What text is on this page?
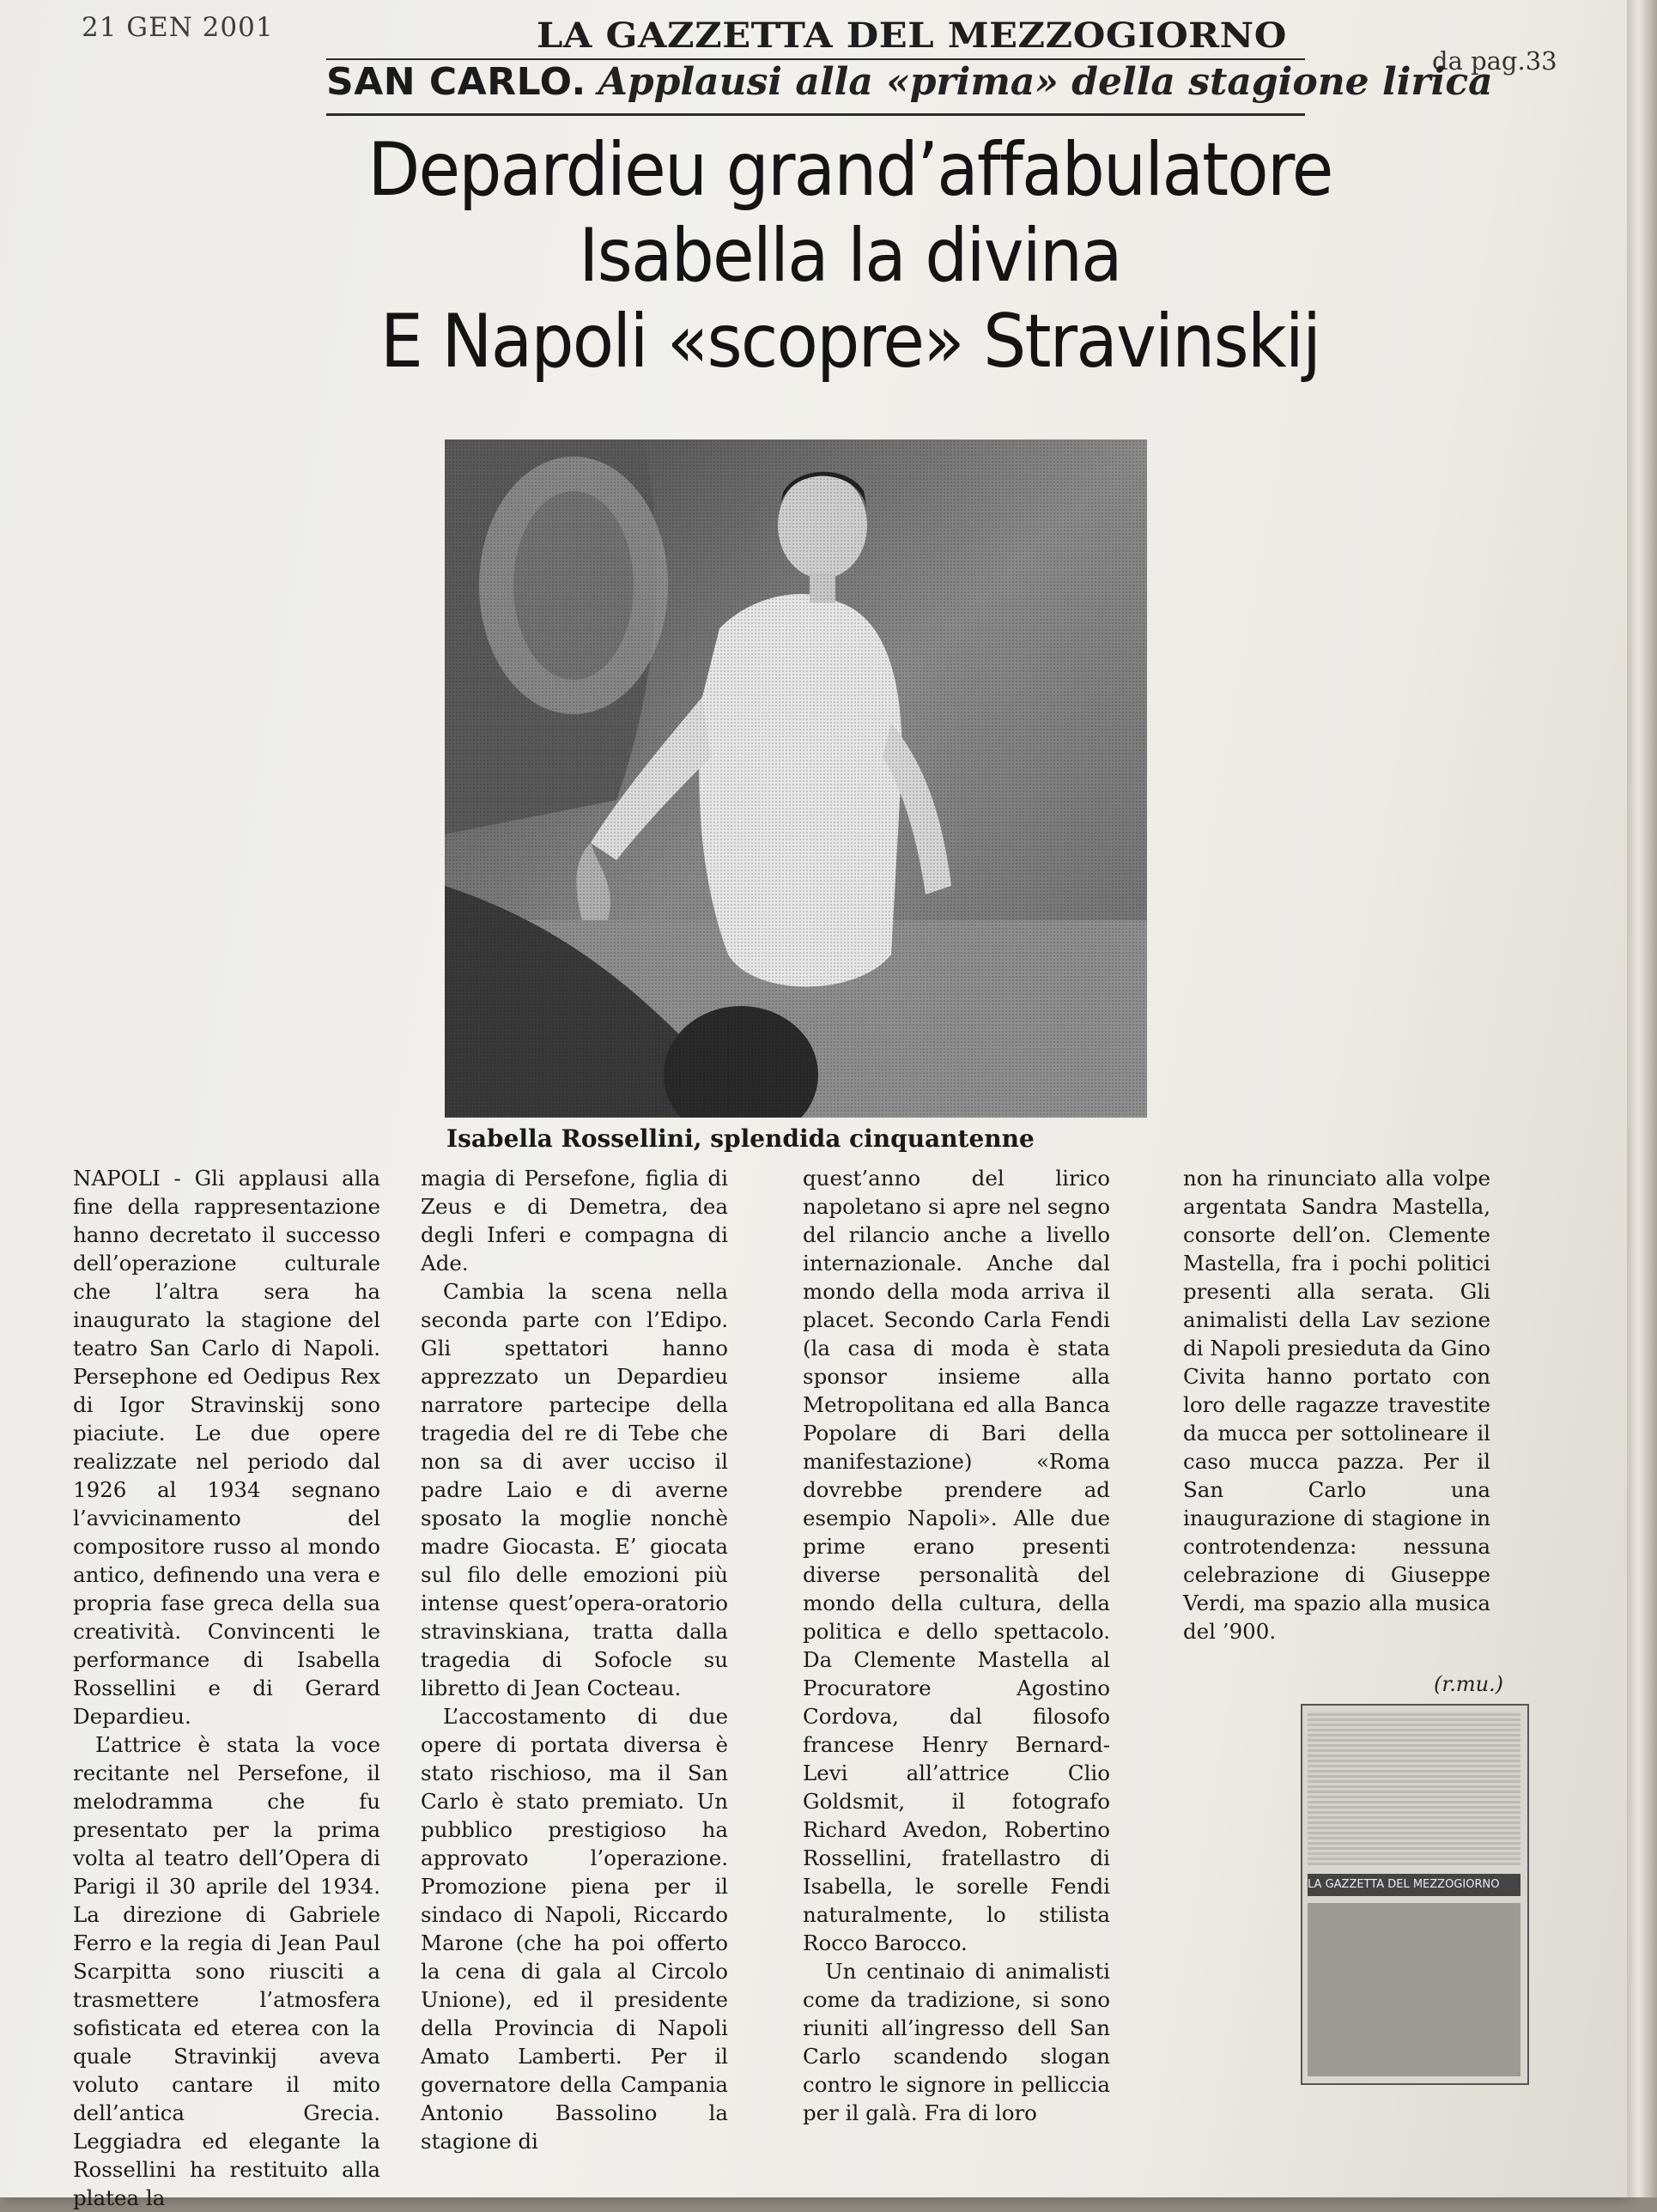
21 GEN 2001	LA GAZZETTA DEL MEZZOGIORNO
da pag.33
SAN CARLO. Applausi alla «prima» della stagione lirica
Depardieu grand’affabulatore
Isabella la divina
E Napoli «scopre» Stravinskij
Isabella Rossellini, splendida cinquantenne

NAPOLI - Gli applausi alla fine della rappresentazione hanno decretato il successo dell’operazione culturale che l’altra sera ha inaugurato la stagione del teatro San Carlo di Napoli. Persephone ed Oedipus Rex di Igor Stravinskij sono piaciute. Le due opere realizzate nel periodo dal 1926 al 1934 segnano l’avvicinamento del compositore russo al mondo antico, definendo una vera e propria fase greca della sua creatività. Convincenti le performance di Isabella Rossellini e di Gerard Depardieu.

L’attrice è stata la voce recitante nel Persefone, il melodramma che fu presentato per la prima volta al teatro dell’Opera di Parigi il 30 aprile del 1934. La direzione di Gabriele Ferro e la regia di Jean Paul Scarpitta sono riusciti a trasmettere l’atmosfera sofisticata ed eterea con la quale Stravinkij aveva voluto cantare il mito dell’antica Grecia. Leggiadra ed elegante la Rossellini ha restituito alla platea la

magia di Persefone, figlia di Zeus e di Demetra, dea degli Inferi e compagna di Ade.

Cambia la scena nella seconda parte con l’Edipo. Gli spettatori hanno apprezzato un Depardieu narratore partecipe della tragedia del re di Tebe che non sa di aver ucciso il padre Laio e di averne sposato la moglie nonchè madre Giocasta. E’ giocata sul filo delle emozioni più intense quest’opera-oratorio stravinskiana, tratta dalla tragedia di Sofocle su libretto di Jean Cocteau.

L’accostamento di due opere di portata diversa è stato rischioso, ma il San Carlo è stato premiato. Un pubblico prestigioso ha approvato l’operazione. Promozione piena per il sindaco di Napoli, Riccardo Marone (che ha poi offerto la cena di gala al Circolo Unione), ed il presidente della Provincia di Napoli Amato Lamberti. Per il governatore della Campania Antonio Bassolino la stagione di

quest’anno del lirico napoletano si apre nel segno del rilancio anche a livello internazionale. Anche dal mondo della moda arriva il placet. Secondo Carla Fendi (la casa di moda è stata sponsor insieme alla Metropolitana ed alla Banca Popolare di Bari della manifestazione) «Roma dovrebbe prendere ad esempio Napoli». Alle due prime erano presenti diverse personalità del mondo della cultura, della politica e dello spettacolo. Da Clemente Mastella al Procuratore Agostino Cordova, dal filosofo francese Henry Bernard-Levi all’attrice Clio Goldsmit, il fotografo Richard Avedon, Robertino Rossellini, fratellastro di Isabella, le sorelle Fendi naturalmente, lo stilista Rocco Barocco.

Un centinaio di animalisti come da tradizione, si sono riuniti all’ingresso dell San Carlo scandendo slogan contro le signore in pelliccia per il galà. Fra di loro

non ha rinunciato alla volpe argentata Sandra Mastella, consorte dell’on. Clemente Mastella, fra i pochi politici presenti alla serata. Gli animalisti della Lav sezione di Napoli presieduta da Gino Civita hanno portato con loro delle ragazze travestite da mucca per sottolineare il caso mucca pazza. Per il San Carlo una inaugurazione di stagione in controtendenza: nessuna celebrazione di Giuseppe Verdi, ma spazio alla musica del ’900.

(r.mu.)
LA GAZZETTA DEL MEZZOGIORNO
